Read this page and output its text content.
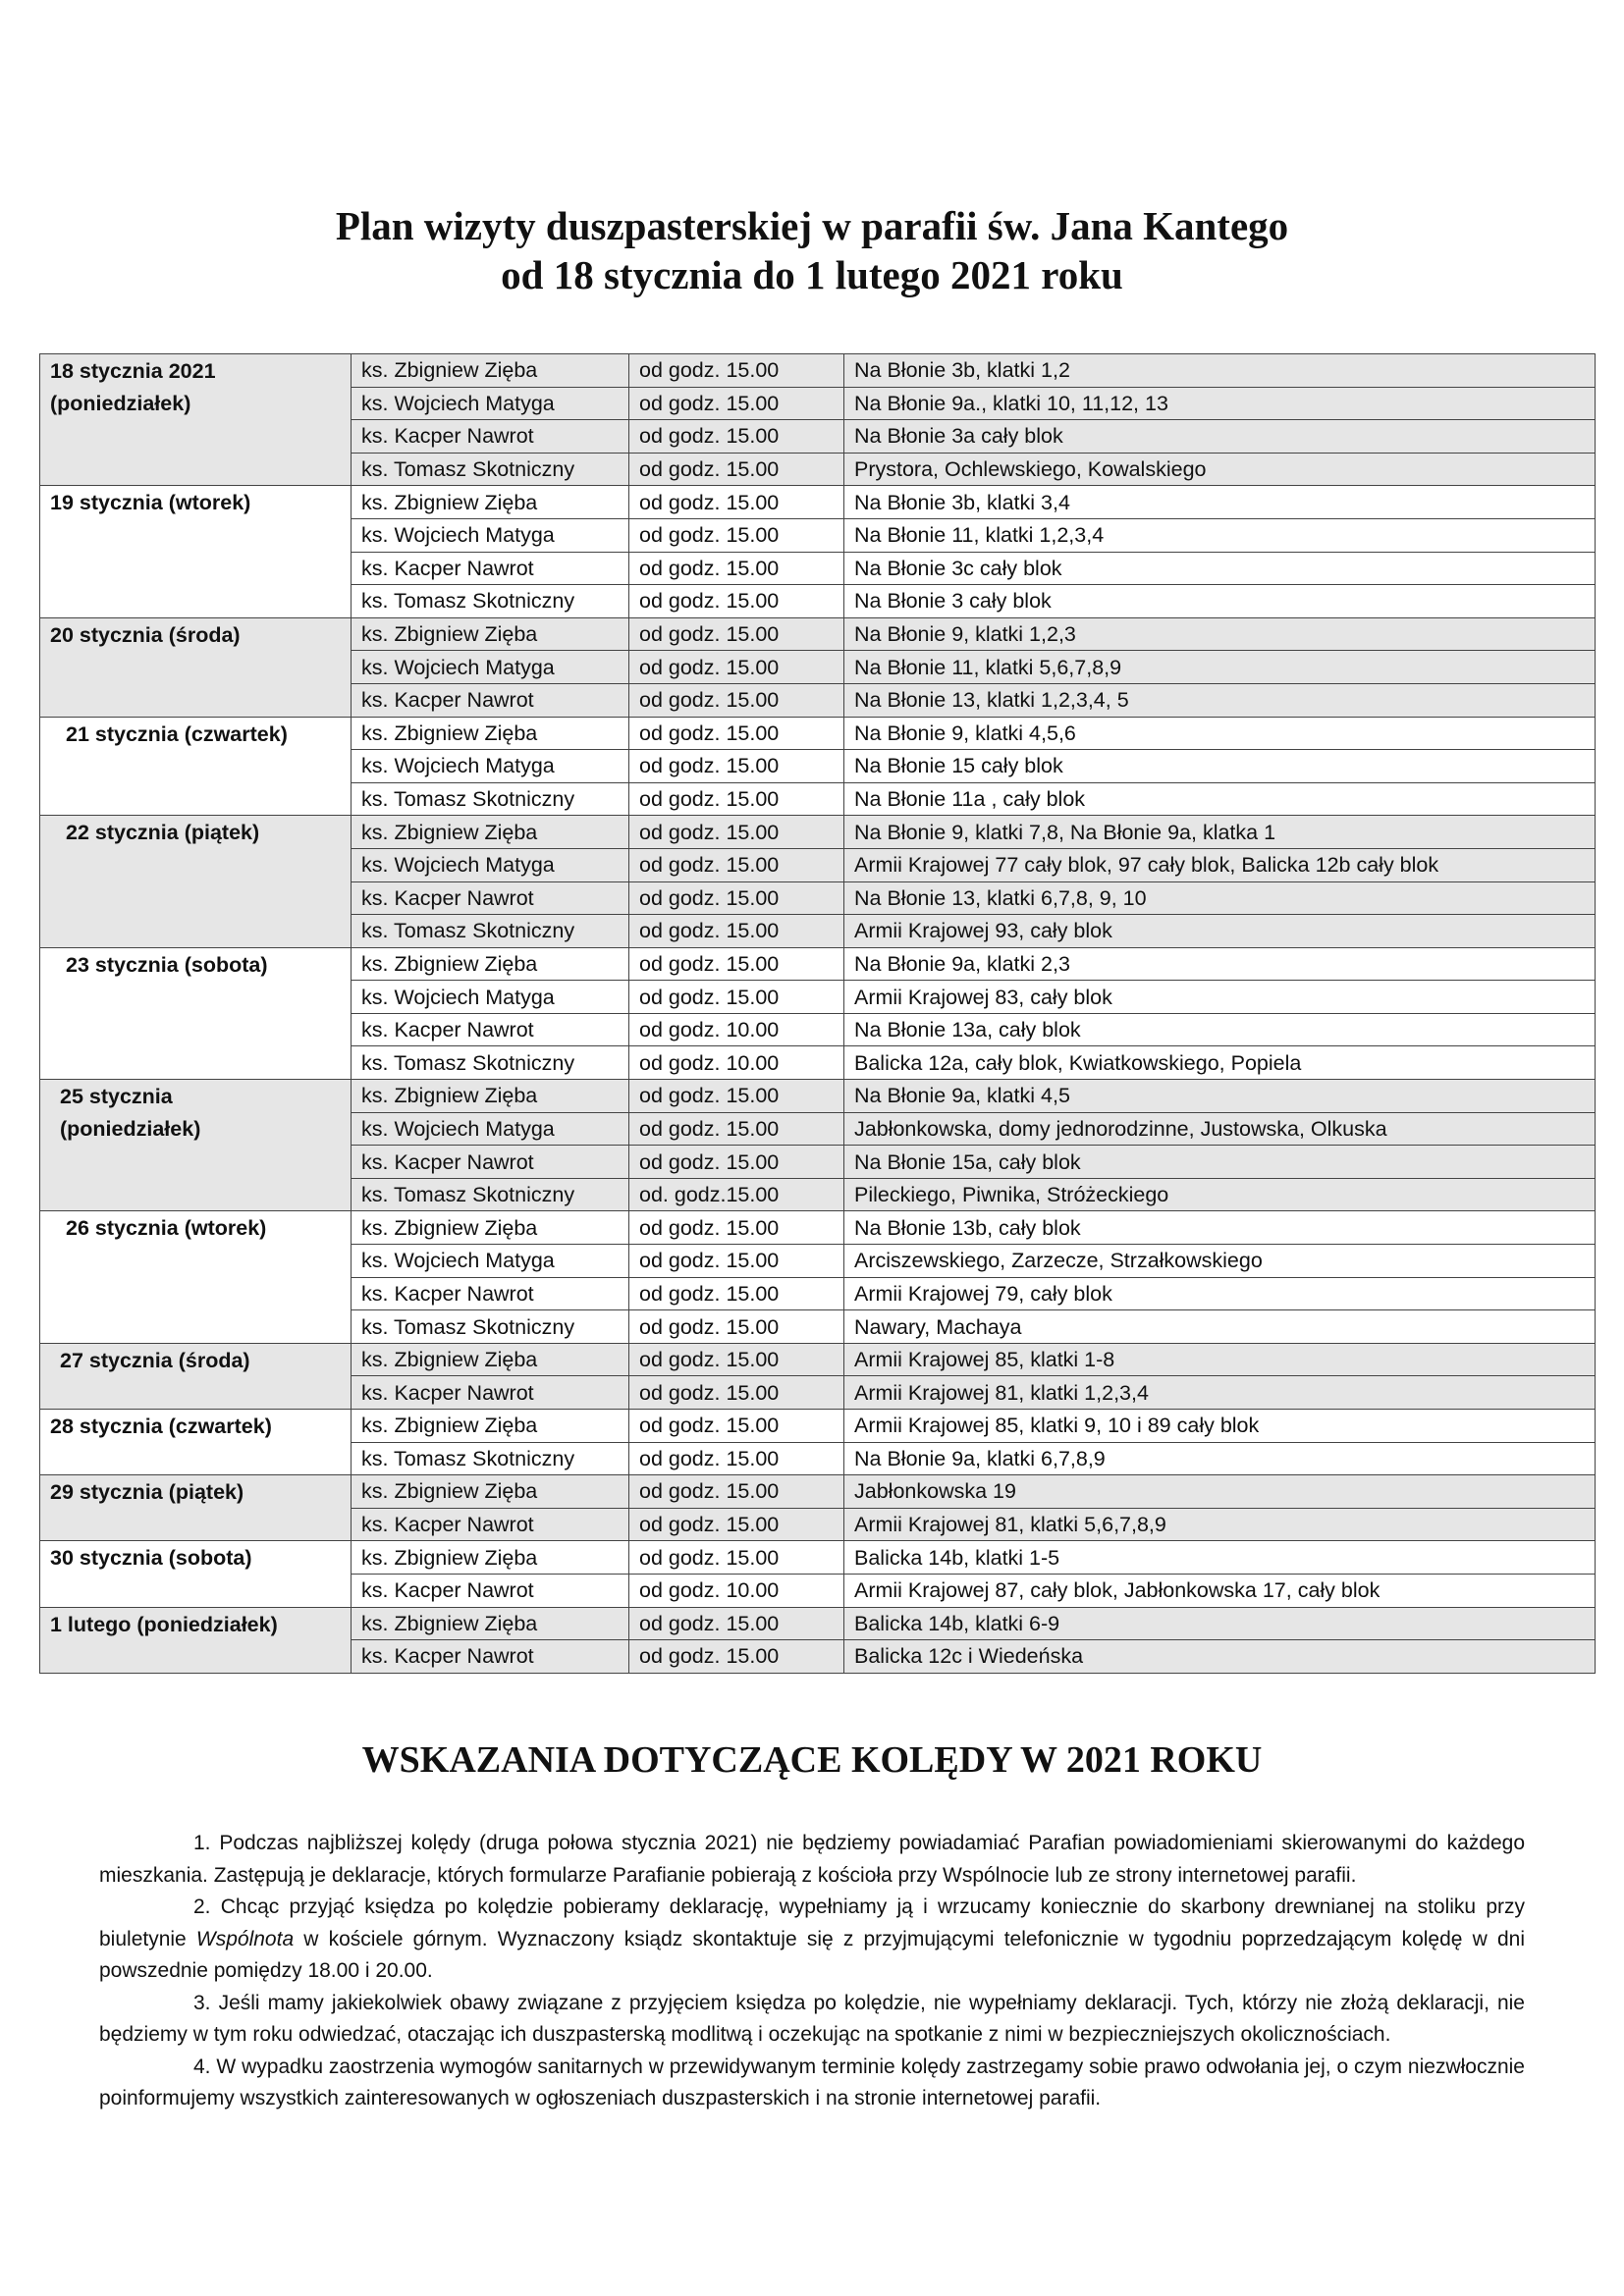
Plan wizyty duszpasterskiej w parafii św. Jana Kantego
od 18 stycznia do 1 lutego 2021 roku
18 stycznia 2021
(poniedziałek)	ks. Zbigniew Zięba	od godz. 15.00	Na Błonie 3b, klatki 1,2
	ks. Wojciech Matyga	od godz. 15.00	Na Błonie 9a., klatki 10, 11,12, 13
	ks. Kacper Nawrot	od godz. 15.00	Na Błonie 3a cały blok
	ks. Tomasz Skotniczny	od godz. 15.00	Prystora, Ochlewskiego, Kowalskiego

19 stycznia (wtorek)	ks. Zbigniew Zięba	od godz. 15.00	Na Błonie 3b, klatki 3,4
	ks. Wojciech Matyga	od godz. 15.00	Na Błonie 11, klatki 1,2,3,4
	ks. Kacper Nawrot	od godz. 15.00	Na Błonie 3c cały blok
	ks. Tomasz Skotniczny	od godz. 15.00	Na Błonie 3 cały blok

20 stycznia (środa)	ks. Zbigniew Zięba	od godz. 15.00	Na Błonie 9, klatki 1,2,3
	ks. Wojciech Matyga	od godz. 15.00	Na Błonie 11, klatki 5,6,7,8,9
	ks. Kacper Nawrot	od godz. 15.00	Na Błonie 13, klatki 1,2,3,4, 5

21 stycznia (czwartek)	ks. Zbigniew Zięba	od godz. 15.00	Na Błonie 9, klatki 4,5,6
	ks. Wojciech Matyga	od godz. 15.00	Na Błonie 15 cały blok
	ks. Tomasz Skotniczny	od godz. 15.00	Na Błonie 11a , cały blok

22 stycznia (piątek)	ks. Zbigniew Zięba	od godz. 15.00	Na Błonie 9, klatki 7,8, Na Błonie 9a, klatka 1
	ks. Wojciech Matyga	od godz. 15.00	Armii Krajowej 77 cały blok, 97 cały blok, Balicka 12b cały blok
	ks. Kacper Nawrot	od godz. 15.00	Na Błonie 13, klatki 6,7,8, 9, 10
	ks. Tomasz Skotniczny	od godz. 15.00	Armii Krajowej 93, cały blok

23 stycznia (sobota)	ks. Zbigniew Zięba	od godz. 15.00	Na Błonie 9a, klatki 2,3
	ks. Wojciech Matyga	od godz. 15.00	Armii Krajowej 83, cały blok
	ks. Kacper Nawrot	od godz. 10.00	Na Błonie 13a, cały blok
	ks. Tomasz Skotniczny	od godz. 10.00	Balicka 12a, cały blok, Kwiatkowskiego, Popiela

25 stycznia
(poniedziałek)	ks. Zbigniew Zięba	od godz. 15.00	Na Błonie 9a, klatki 4,5
	ks. Wojciech Matyga	od godz. 15.00	Jabłonkowska, domy jednorodzinne, Justowska, Olkuska
	ks. Kacper Nawrot	od godz. 15.00	Na Błonie 15a, cały blok
	ks. Tomasz Skotniczny	od. godz.15.00	Pileckiego, Piwnika, Stróżeckiego

26 stycznia (wtorek)	ks. Zbigniew Zięba	od godz. 15.00	Na Błonie 13b, cały blok
	ks. Wojciech Matyga	od godz. 15.00	Arciszewskiego, Zarzecze, Strzałkowskiego
	ks. Kacper Nawrot	od godz. 15.00	Armii Krajowej 79, cały blok
	ks. Tomasz Skotniczny	od godz. 15.00	Nawary, Machaya

27 stycznia (środa)	ks. Zbigniew Zięba	od godz. 15.00	Armii Krajowej 85, klatki 1-8
	ks. Kacper Nawrot	od godz. 15.00	Armii Krajowej 81, klatki 1,2,3,4

28 stycznia (czwartek)	ks. Zbigniew Zięba	od godz. 15.00	Armii Krajowej 85, klatki 9, 10 i 89 cały blok
	ks. Tomasz Skotniczny	od godz. 15.00	Na Błonie 9a, klatki 6,7,8,9

29 stycznia (piątek)	ks. Zbigniew Zięba	od godz. 15.00	Jabłonkowska 19
	ks. Kacper Nawrot	od godz. 15.00	Armii Krajowej 81, klatki 5,6,7,8,9

30 stycznia (sobota)	ks. Zbigniew Zięba	od godz. 15.00	Balicka 14b, klatki 1-5
	ks. Kacper Nawrot	od godz. 10.00	Armii Krajowej 87, cały blok, Jabłonkowska 17, cały blok

1 lutego (poniedziałek)	ks. Zbigniew Zięba	od godz. 15.00	Balicka 14b, klatki 6-9
	ks. Kacper Nawrot	od godz. 15.00	Balicka 12c i Wiedeńska
WSKAZANIA DOTYCZĄCE KOLĘDY W 2021 ROKU

1. Podczas najbliższej kolędy (druga połowa stycznia 2021) nie będziemy powiadamiać Parafian powiadomieniami skierowanymi do każdego mieszkania. Zastępują je deklaracje, których formularze Parafianie pobierają z kościoła przy Wspólnocie lub ze strony internetowej parafii.

2. Chcąc przyjąć księdza po kolędzie pobieramy deklarację, wypełniamy ją i wrzucamy koniecznie do skarbony drewnianej na stoliku przy biuletynie Wspólnota w kościele górnym. Wyznaczony ksiądz skontaktuje się z przyjmującymi telefonicznie w tygodniu poprzedzającym kolędę w dni powszednie pomiędzy 18.00 i 20.00.

3. Jeśli mamy jakiekolwiek obawy związane z przyjęciem księdza po kolędzie, nie wypełniamy deklaracji. Tych, którzy nie złożą deklaracji, nie będziemy w tym roku odwiedzać, otaczając ich duszpasterską modlitwą i oczekując na spotkanie z nimi w bezpieczniejszych okolicznościach.

4. W wypadku zaostrzenia wymogów sanitarnych w przewidywanym terminie kolędy zastrzegamy sobie prawo odwołania jej, o czym niezwłocznie poinformujemy wszystkich zainteresowanych w ogłoszeniach duszpasterskich i na stronie internetowej parafii.
